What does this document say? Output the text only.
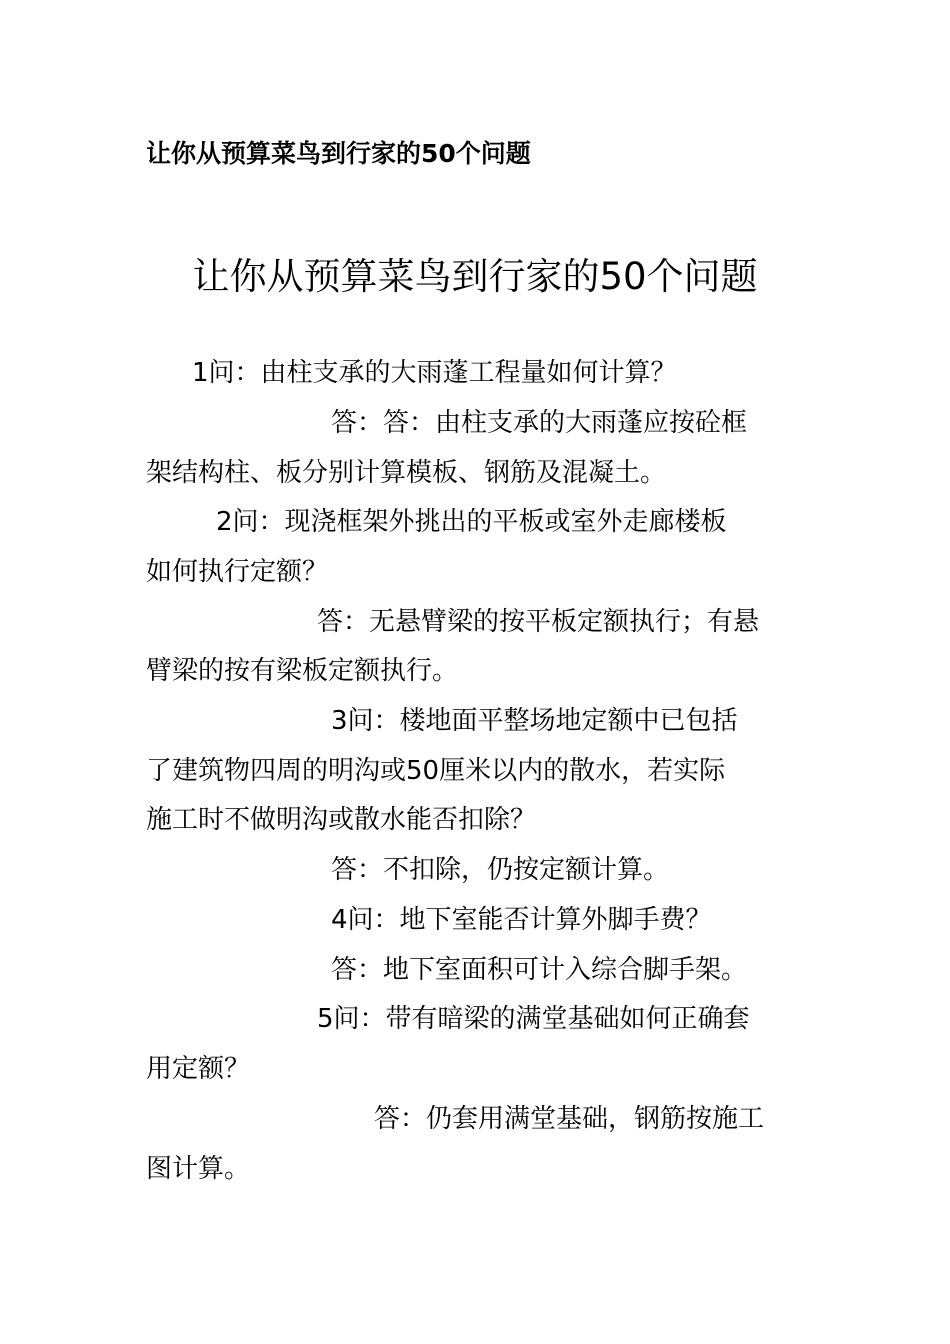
让你从预算菜鸟到行家的50个问题
让你从预算菜鸟到行家的50个问题
1问：由柱支承的大雨蓬工程量如何计算？
答：答：由柱支承的大雨蓬应按砼框
架结构柱、板分别计算模板、钢筋及混凝土。
2问：现浇框架外挑出的平板或室外走廊楼板
如何执行定额？
答：无悬臂梁的按平板定额执行；有悬
臂梁的按有梁板定额执行。
3问：楼地面平整场地定额中已包括
了建筑物四周的明沟或50厘米以内的散水，若实际
施工时不做明沟或散水能否扣除？
答：不扣除，仍按定额计算。
4问：地下室能否计算外脚手费？
答：地下室面积可计入综合脚手架。
5问：带有暗梁的满堂基础如何正确套
用定额？
答：仍套用满堂基础，钢筋按施工
图计算。
